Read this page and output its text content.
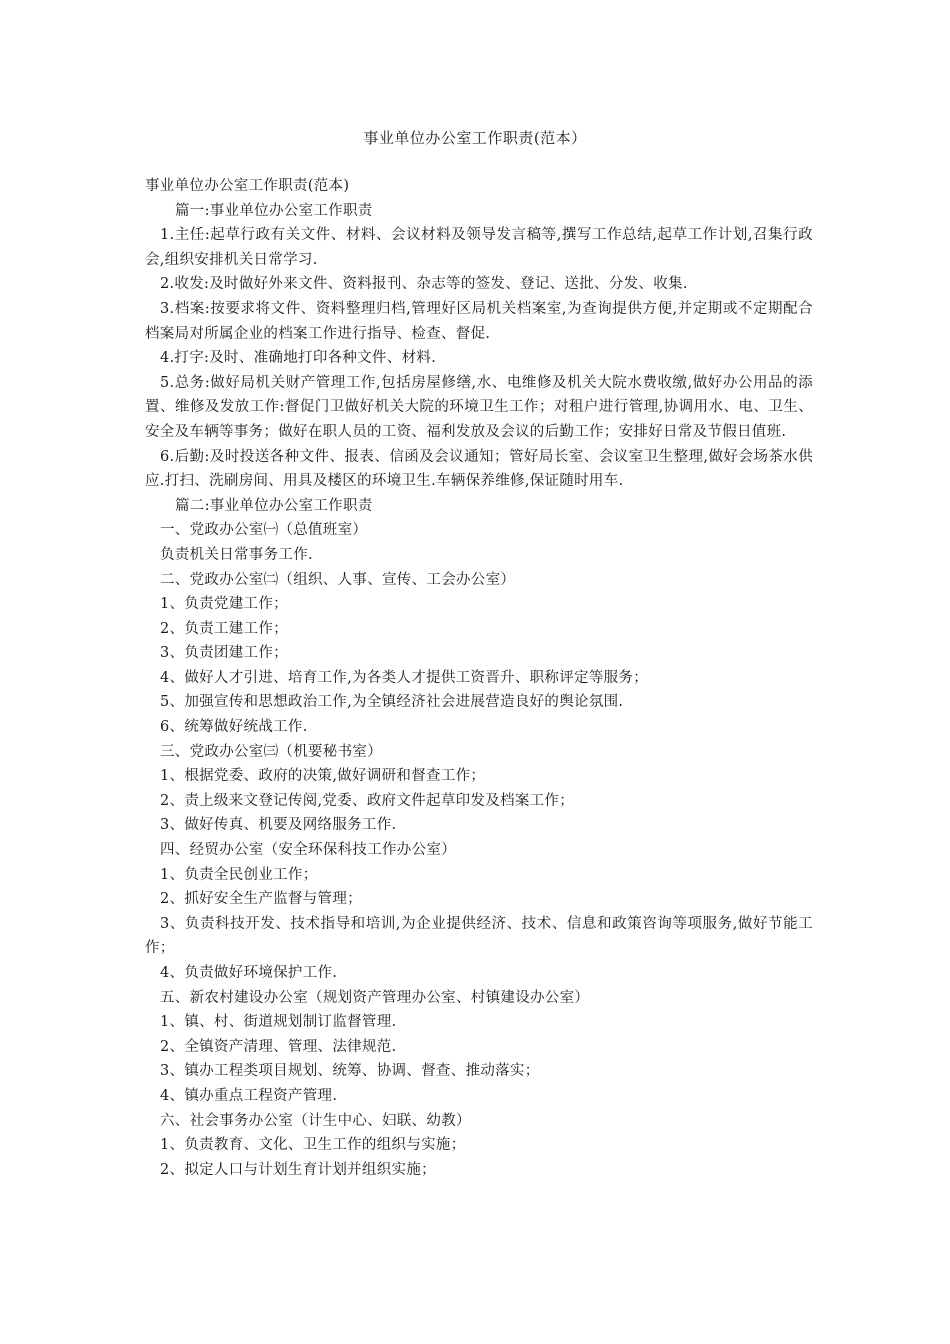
事业单位办公室工作职责(范本）

事业单位办公室工作职责(范本)

篇一:事业单位办公室工作职责

1.主任:起草行政有关文件、材料、会议材料及领导发言稿等,撰写工作总结,起草工作计划,召集行政会,组织安排机关日常学习.

2.收发:及时做好外来文件、资料报刊、杂志等的签发、登记、送批、分发、收集.

3.档案:按要求将文件、资料整理归档,管理好区局机关档案室,为查询提供方便,并定期或不定期配合档案局对所属企业的档案工作进行指导、检查、督促.

4.打字:及时、准确地打印各种文件、材料.

5.总务:做好局机关财产管理工作,包括房屋修缮,水、电维修及机关大院水费收缴,做好办公用品的添置、维修及发放工作:督促门卫做好机关大院的环境卫生工作；对租户进行管理,协调用水、电、卫生、安全及车辆等事务；做好在职人员的工资、福利发放及会议的后勤工作；安排好日常及节假日值班.

6.后勤:及时投送各种文件、报表、信函及会议通知；管好局长室、会议室卫生整理,做好会场茶水供应.打扫、洗刷房间、用具及楼区的环境卫生.车辆保养维修,保证随时用车.

篇二:事业单位办公室工作职责

一、党政办公室㈠（总值班室）

负责机关日常事务工作.

二、党政办公室㈡（组织、人事、宣传、工会办公室）

1、负责党建工作；

2、负责工建工作；

3、负责团建工作；

4、做好人才引进、培育工作,为各类人才提供工资晋升、职称评定等服务；

5、加强宣传和思想政治工作,为全镇经济社会进展营造良好的舆论氛围.

6、统筹做好统战工作.

三、党政办公室㈢（机要秘书室）

1、根据党委、政府的决策,做好调研和督查工作；

2、责上级来文登记传阅,党委、政府文件起草印发及档案工作；

3、做好传真、机要及网络服务工作.

四、经贸办公室（安全环保科技工作办公室）

1、负责全民创业工作；

2、抓好安全生产监督与管理；

3、负责科技开发、技术指导和培训,为企业提供经济、技术、信息和政策咨询等项服务,做好节能工作；

4、负责做好环境保护工作.

五、新农村建设办公室（规划资产管理办公室、村镇建设办公室）

1、镇、村、街道规划制订监督管理.

2、全镇资产清理、管理、法律规范.

3、镇办工程类项目规划、统筹、协调、督查、推动落实；

4、镇办重点工程资产管理.

六、社会事务办公室（计生中心、妇联、幼教）

1、负责教育、文化、卫生工作的组织与实施；

2、拟定人口与计划生育计划并组织实施；
